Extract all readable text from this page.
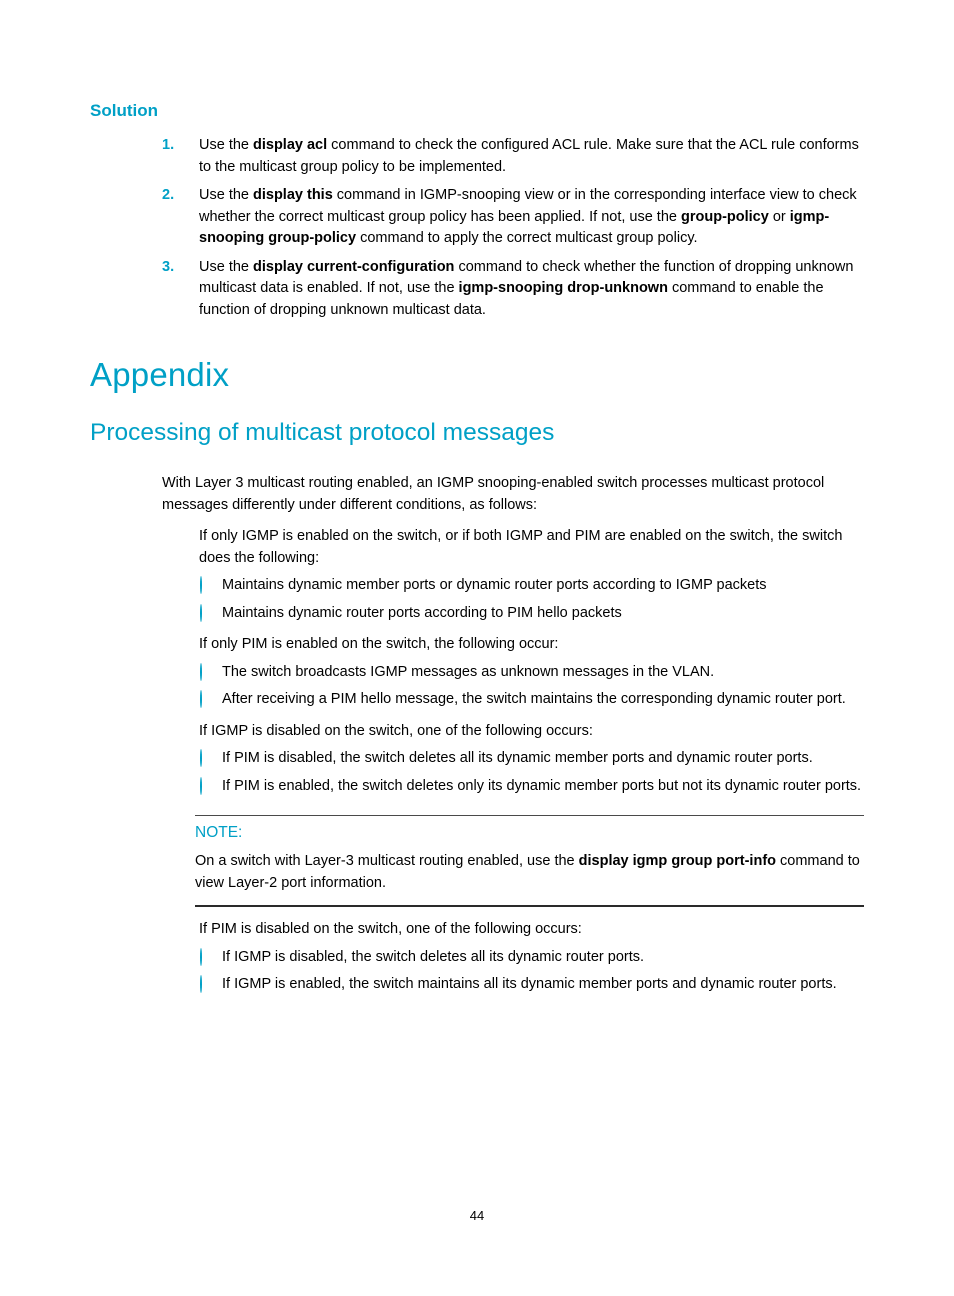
Solution
1.	Use the display acl command to check the configured ACL rule. Make sure that the ACL rule conforms to the multicast group policy to be implemented.
2.	Use the display this command in IGMP-snooping view or in the corresponding interface view to check whether the correct multicast group policy has been applied. If not, use the group-policy or igmp-snooping group-policy command to apply the correct multicast group policy.
3.	Use the display current-configuration command to check whether the function of dropping unknown multicast data is enabled. If not, use the igmp-snooping drop-unknown command to enable the function of dropping unknown multicast data.
Appendix
Processing of multicast protocol messages

With Layer 3 multicast routing enabled, an IGMP snooping-enabled switch processes multicast protocol messages differently under different conditions, as follows:

If only IGMP is enabled on the switch, or if both IGMP and PIM are enabled on the switch, the switch does the following:
Maintains dynamic member ports or dynamic router ports according to IGMP packets
Maintains dynamic router ports according to PIM hello packets
If only PIM is enabled on the switch, the following occur:
The switch broadcasts IGMP messages as unknown messages in the VLAN.
After receiving a PIM hello message, the switch maintains the corresponding dynamic router port.
If IGMP is disabled on the switch, one of the following occurs:
If PIM is disabled, the switch deletes all its dynamic member ports and dynamic router ports.
If PIM is enabled, the switch deletes only its dynamic member ports but not its dynamic router ports.
NOTE:

On a switch with Layer-3 multicast routing enabled, use the display igmp group port-info command to view Layer-2 port information.

If PIM is disabled on the switch, one of the following occurs:
If IGMP is disabled, the switch deletes all its dynamic router ports.
If IGMP is enabled, the switch maintains all its dynamic member ports and dynamic router ports.
44
